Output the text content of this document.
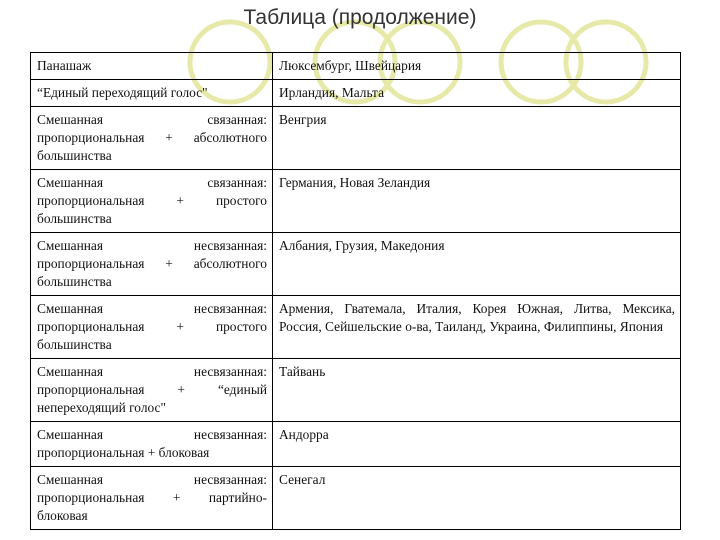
Таблица (продолжение)
Панашаж	Люксембург, Швейцария
“Единый переходящий голос"	Ирландия, Мальта
Смешанная связанная: пропорциональная + абсолютного большинства	Венгрия
Смешанная связанная: пропорциональная + простого большинства	Германия, Новая Зеландия
Смешанная несвязанная: пропорциональная + абсолютного большинства	Албания, Грузия, Македония
Смешанная несвязанная: пропорциональная + простого большинства	Армения, Гватемала, Италия, Корея Южная, Литва, Мексика, Россия, Сейшельские о-ва, Таиланд, Украина, Филиппины, Япония
Смешанная несвязанная: пропорциональная + “единый непереходящий голос"	Тайвань
Смешанная несвязанная: пропорциональная + блоковая	Андорра
Смешанная несвязанная: пропорциональная + партийно-блоковая	Сенегал
